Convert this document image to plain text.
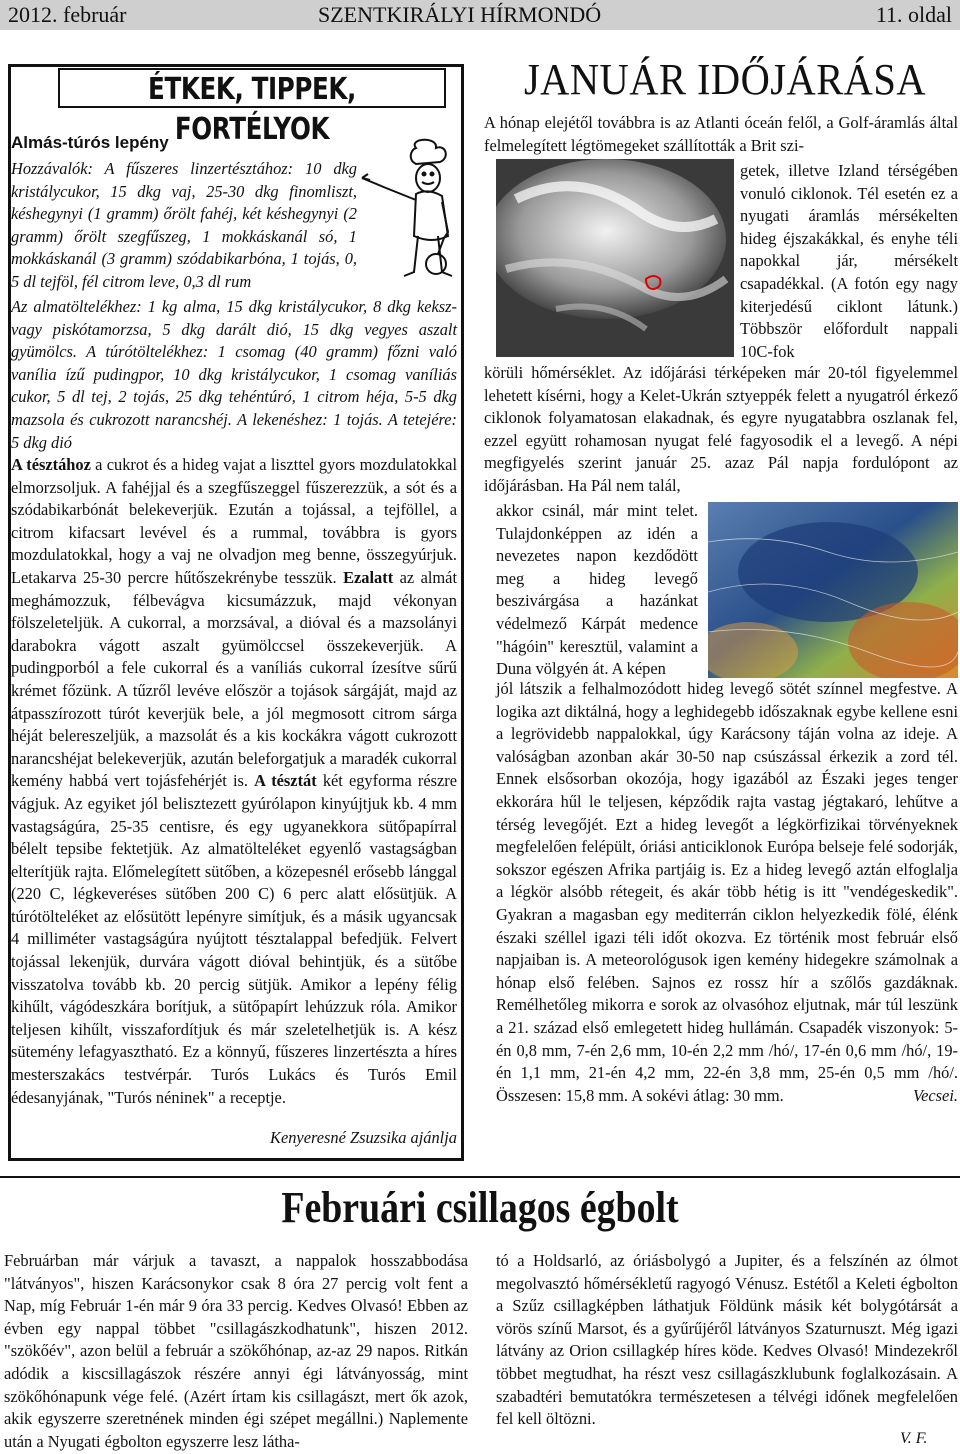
2012. február	SZENTKIRÁLYI HÍRMONDÓ	11. oldal
ÉTKEK, TIPPEK, FORTÉLYOK
Almás-túrós lepény
Hozzávalók: A fűszeres linzertésztához: 10 dkg kristálycukor, 15 dkg vaj, 25-30 dkg finomliszt, késhegynyi (1 gramm) őrölt fahéj, két késhegynyi (2 gramm) őrölt szegfűszeg, 1 mokkáskanál só, 1 mokkáskanál (3 gramm) szódabikarbóna, 1 tojás, 0, 5 dl tejföl, fél citrom leve, 0,3 dl rum
Az almatöltelékhez: 1 kg alma, 15 dkg kristálycukor, 8 dkg keksz- vagy piskótamorzsa, 5 dkg darált dió, 15 dkg vegyes aszalt gyümölcs. A túrótöltelékhez: 1 csomag (40 gramm) főzni való vanília ízű pudingpor, 10 dkg kristálycukor, 1 csomag vaníliás cukor, 5 dl tej, 2 tojás, 25 dkg tehéntúró, 1 citrom héja, 5-5 dkg mazsola és cukrozott narancshéj. A lekenéshez: 1 tojás. A tetejére: 5 dkg dió
A tésztához a cukrot és a hideg vajat a liszttel gyors mozdulatokkal elmorzsoljuk. A fahéjjal és a szegfűszeggel fűszerezzük, a sót és a szódabikarbónát belekeverjük. Ezután a tojással, a tejföllel, a citrom kifacsart levével és a rummal, továbbra is gyors mozdulatokkal, hogy a vaj ne olvadjon meg benne, összegyúrjuk. Letakarva 25-30 percre hűtőszekrénybe tesszük. Ezalatt az almát meghámozzuk, félbevágva kicsumázzuk, majd vékonyan fölszeleteljük. A cukorral, a morzsával, a dióval és a mazsolányi darabokra vágott aszalt gyümölccsel összekeverjük. A pudingporból a fele cukorral és a vaníliás cukorral ízesítve sűrű krémet főzünk. A tűzről levéve először a tojások sárgáját, majd az átpasszírozott túrót keverjük bele, a jól megmosott citrom sárga héját belereszeljük, a mazsolát és a kis kockákra vágott cukrozott narancshéjat belekeverjük, azután beleforgatjuk a maradék cukorral kemény habbá vert tojásfehérjét is. A tésztát két egyforma részre vágjuk. Az egyiket jól belisztezett gyúrólapon kinyújtjuk kb. 4 mm vastagságúra, 25-35 centisre, és egy ugyanekkora sütőpapírral bélelt tepsibe fektetjük. Az almatölteléket egyenlő vastagságban elterítjük rajta. Előmelegített sütőben, a közepesnél erősebb lánggal (220 C, légkeveréses sütőben 200 C) 6 perc alatt elősütjük. A túrótölteléket az elősütött lepényre simítjuk, és a másik ugyancsak 4 milliméter vastagságúra nyújtott tésztalappal befedjük. Felvert tojással lekenjük, durvára vágott dióval behintjük, és a sütőbe visszatolva tovább kb. 20 percig sütjük. Amikor a lepény félig kihűlt, vágódeszkára borítjuk, a sütőpapírt lehúzzuk róla. Amikor teljesen kihűlt, visszafordítjuk és már szeletelhetjük is. A kész sütemény lefagyasztható. Ez a könnyű, fűszeres linzertészta a híres mesterszakács testvérpár. Turós Lukács és Turós Emil édesanyjának, "Turós néninek" a receptje.
Kenyeresné Zsuzsika ajánlja
JANUÁR IDŐJÁRÁSA
A hónap elejétől továbbra is az Atlanti óceán felől, a Golf-áramlás által felmelegített légtömegeket szállították a Brit szi-
getek, illetve Izland térségében vonuló ciklonok. Tél esetén ez a nyugati áramlás mérsékelten hideg éjszakákkal, és enyhe téli napokkal jár, mérsékelt csapadékkal. (A fotón egy nagy kiterjedésű ciklont látunk.) Többször előfordult nappali 10C-fok
körüli hőmérséklet. Az időjárási térképeken már 20-tól figyelemmel lehetett kísérni, hogy a Kelet-Ukrán sztyeppék felett a nyugatról érkező ciklonok folyamatosan elakadnak, és egyre nyugatabbra oszlanak fel, ezzel együtt rohamosan nyugat felé fagyosodik el a levegő. A népi megfigyelés szerint január 25. azaz Pál napja fordulópont az időjárásban. Ha Pál nem talál,
akkor csinál, már mint telet. Tulajdonképpen az idén a nevezetes napon kezdődött meg a hideg levegő beszivárgása a hazánkat védelmező Kárpát medence "hágóin" keresztül, valamint a Duna völgyén át. A képen
jól látszik a felhalmozódott hideg levegő sötét színnel megfestve. A logika azt diktálná, hogy a leghidegebb időszaknak egybe kellene esni a legrövidebb nappalokkal, úgy Karácsony táján volna az ideje. A valóságban azonban akár 30-50 nap csúszással érkezik a zord tél. Ennek elsősorban okozója, hogy igazából az Északi jeges tenger ekkorára hűl le teljesen, képződik rajta vastag jégtakaró, lehűtve a térség levegőjét. Ezt a hideg levegőt a légkörfizikai törvényeknek megfelelően felépült, óriási anticiklonok Európa belseje felé sodorják, sokszor egészen Afrika partjáig is. Ez a hideg levegő aztán elfoglalja a légkör alsóbb rétegeit, és akár több hétig is itt "vendégeskedik". Gyakran a magasban egy mediterrán ciklon helyezkedik fölé, élénk északi széllel igazi téli időt okozva. Ez történik most február első napjaiban is. A meteorológusok igen kemény hidegekre számolnak a hónap első felében. Sajnos ez rossz hír a szőlős gazdáknak. Remélhetőleg mikorra e sorok az olvasóhoz eljutnak, már túl leszünk a 21. század első emlegetett hideg hullámán. Csapadék viszonyok: 5-én 0,8 mm, 7-én 2,6 mm, 10-én 2,2 mm /hó/, 17-én 0,6 mm /hó/, 19-én 1,1 mm, 21-én 4,2 mm, 22-én 3,8 mm, 25-én 0,5 mm /hó/. Összesen: 15,8 mm. A sokévi átlag: 30 mm.	Vecsei.
Februári csillagos égbolt
Februárban már várjuk a tavaszt, a nappalok hosszabbodása "látványos", hiszen Karácsonykor csak 8 óra 27 percig volt fent a Nap, míg Február 1-én már 9 óra 33 percig. Kedves Olvasó! Ebben az évben egy nappal többet "csillagászkodhatunk", hiszen 2012. "szökőév", azon belül a február a szökőhónap, az-az 29 napos. Ritkán adódik a kiscsillagászok részére annyi égi látványosság, mint szökőhónapunk vége felé. (Azért írtam kis csillagászt, mert ők azok, akik egyszerre szeretnének minden égi szépet megállni.) Naplemente után a Nyugati égbolton egyszerre lesz látha-
tó a Holdsarló, az óriásbolygó a Jupiter, és a felszínén az ólmot megolvasztó hőmérsékletű ragyogó Vénusz. Estétől a Keleti égbolton a Szűz csillagképben láthatjuk Földünk másik két bolygótársát a vörös színű Marsot, és a gyűrűjéről látványos Szaturnuszt. Még igazi látvány az Orion csillagkép híres köde. Kedves Olvasó! Mindezekről többet megtudhat, ha részt vesz csillagászklubunk foglalkozásain. A szabadtéri bemutatókra természetesen a télvégi időnek megfelelően fel kell öltözni.
V. F.
